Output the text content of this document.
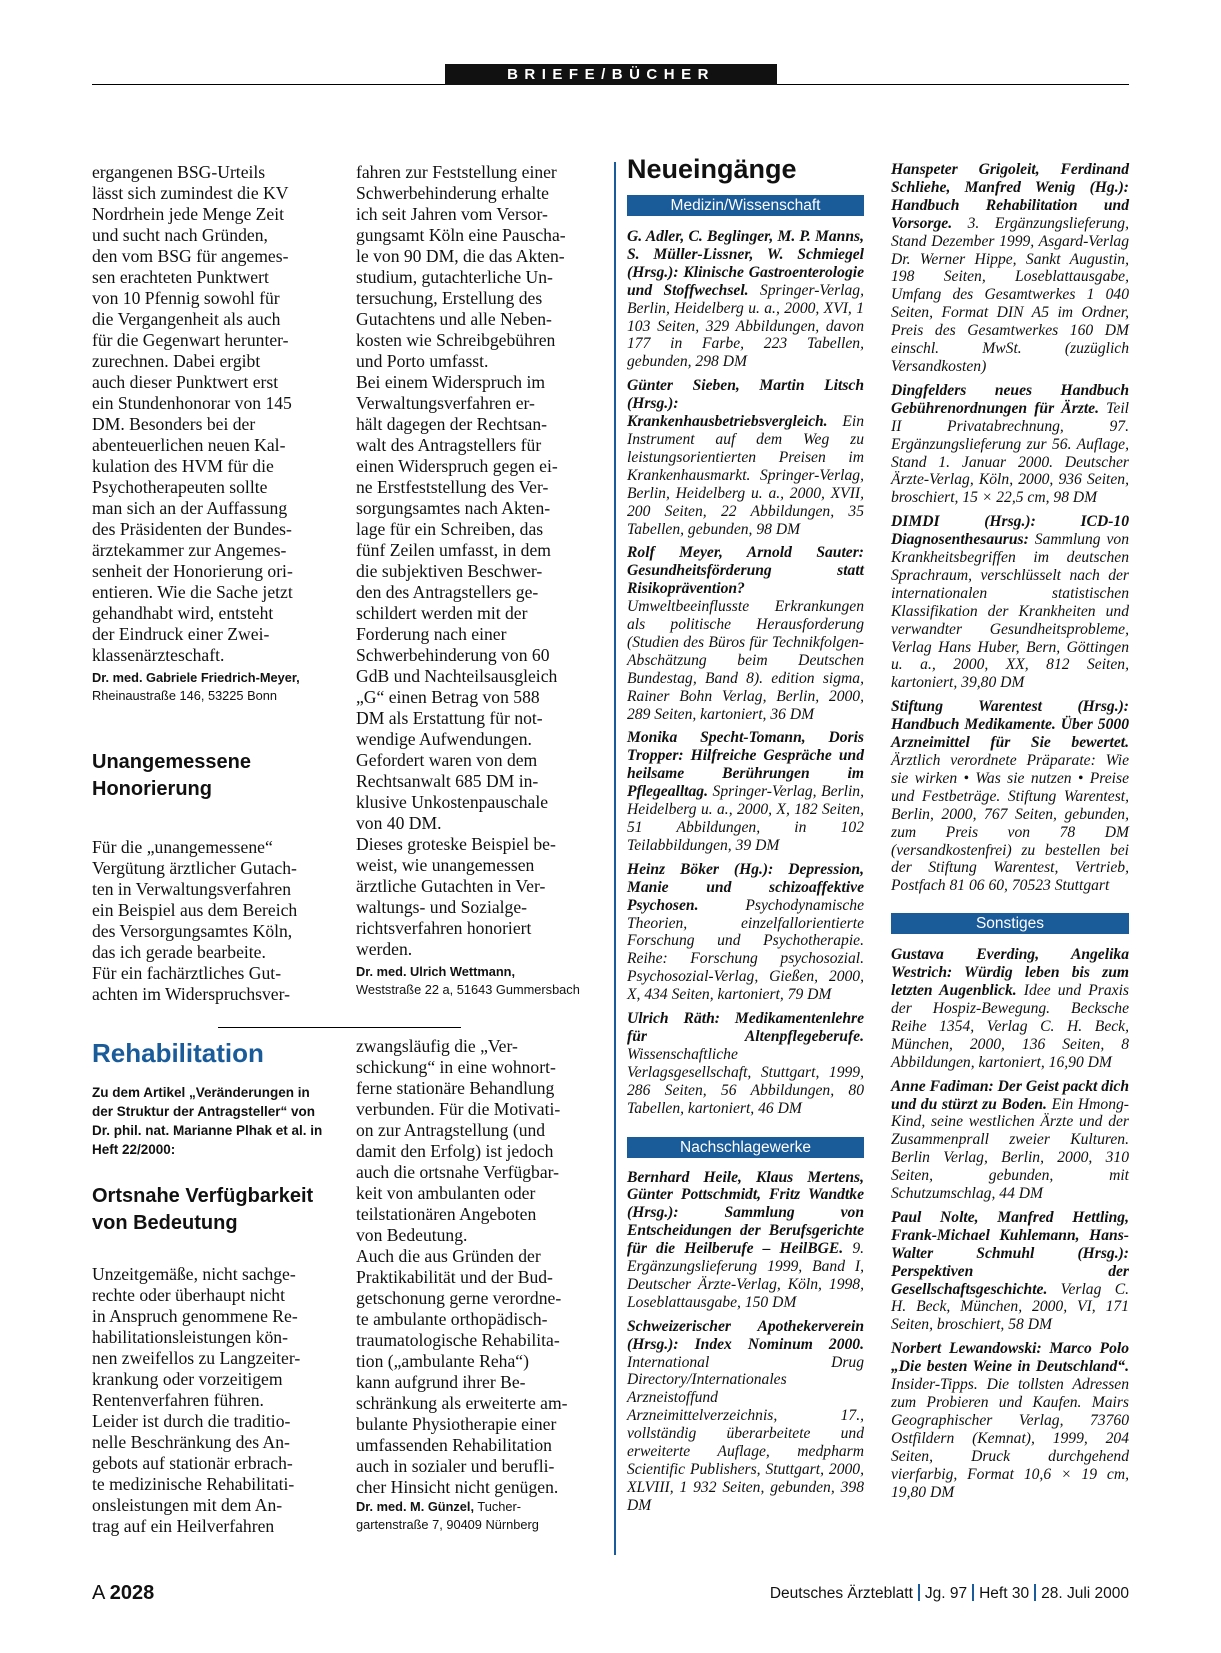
BRIEFE/BÜCHER
ergangenen BSG-Urteils
lässt sich zumindest die KV
Nordrhein jede Menge Zeit
und sucht nach Gründen,
den vom BSG für angemes-
sen erachteten Punktwert
von 10 Pfennig sowohl für
die Vergangenheit als auch
für die Gegenwart herunter-
zurechnen. Dabei ergibt
auch dieser Punktwert erst
ein Stundenhonorar von 145
DM. Besonders bei der
abenteuerlichen neuen Kal-
kulation des HVM für die
Psychotherapeuten sollte
man sich an der Auffassung
des Präsidenten der Bundes-
ärztekammer zur Angemes-
senheit der Honorierung ori-
entieren. Wie die Sache jetzt
gehandhabt wird, entsteht
der Eindruck einer Zwei-
klassenärzteschaft.
Dr. med. Gabriele Friedrich-Meyer,
Rheinaustraße 146, 53225 Bonn
Unangemessene
Honorierung
Für die „unangemessene“
Vergütung ärztlicher Gutach-
ten in Verwaltungsverfahren
ein Beispiel aus dem Bereich
des Versorgungsamtes Köln,
das ich gerade bearbeite.
Für ein fachärztliches Gut-
achten im Widerspruchsver-
fahren zur Feststellung einer
Schwerbehinderung erhalte
ich seit Jahren vom Versor-
gungsamt Köln eine Pauscha-
le von 90 DM, die das Akten-
studium, gutachterliche Un-
tersuchung, Erstellung des
Gutachtens und alle Neben-
kosten wie Schreibgebühren
und Porto umfasst.
Bei einem Widerspruch im
Verwaltungsverfahren er-
hält dagegen der Rechtsan-
walt des Antragstellers für
einen Widerspruch gegen ei-
ne Erstfeststellung des Ver-
sorgungsamtes nach Akten-
lage für ein Schreiben, das
fünf Zeilen umfasst, in dem
die subjektiven Beschwer-
den des Antragstellers ge-
schildert werden mit der
Forderung nach einer
Schwerbehinderung von 60
GdB und Nachteilsausgleich
„G“ einen Betrag von 588
DM als Erstattung für not-
wendige Aufwendungen.
Gefordert waren von dem
Rechtsanwalt 685 DM in-
klusive Unkostenpauschale
von 40 DM.
Dieses groteske Beispiel be-
weist, wie unangemessen
ärztliche Gutachten in Ver-
waltungs- und Sozialge-
richtsverfahren honoriert
werden.
Dr. med. Ulrich Wettmann,
Weststraße 22 a, 51643 Gummersbach
Rehabilitation
Zu dem Artikel „Veränderungen in
der Struktur der Antragsteller“ von
Dr. phil. nat. Marianne Plhak et al. in
Heft 22/2000:
Ortsnahe Verfügbarkeit
von Bedeutung
Unzeitgemäße, nicht sachge-
rechte oder überhaupt nicht
in Anspruch genommene Re-
habilitationsleistungen kön-
nen zweifellos zu Langzeiter-
krankung oder vorzeitigem
Rentenverfahren führen.
Leider ist durch die traditio-
nelle Beschränkung des An-
gebots auf stationär erbrach-
te medizinische Rehabilitati-
onsleistungen mit dem An-
trag auf ein Heilverfahren
zwangsläufig die „Ver-
schickung“ in eine wohnort-
ferne stationäre Behandlung
verbunden. Für die Motivati-
on zur Antragstellung (und
damit den Erfolg) ist jedoch
auch die ortsnahe Verfügbar-
keit von ambulanten oder
teilstationären Angeboten
von Bedeutung.
Auch die aus Gründen der
Praktikabilität und der Bud-
getschonung gerne verordne-
te ambulante orthopädisch-
traumatologische Rehabilita-
tion („ambulante Reha“)
kann aufgrund ihrer Be-
schränkung als erweiterte am-
bulante Physiotherapie einer
umfassenden Rehabilitation
auch in sozialer und berufli-
cher Hinsicht nicht genügen.
Dr. med. M. Günzel, Tucher-
gartenstraße 7, 90409 Nürnberg
Neueingänge
Medizin/Wissenschaft

G. Adler, C. Beglinger, M. P. Manns, S. Müller-Lissner, W. Schmiegel (Hrsg.): Klinische Gastroenterologie und Stoffwechsel. Springer-Verlag, Berlin, Heidelberg u. a., 2000, XVI, 1 103 Seiten, 329 Abbildungen, davon 177 in Farbe, 223 Tabellen, gebunden, 298 DM

Günter Sieben, Martin Litsch (Hrsg.): Krankenhausbetriebsvergleich. Ein Instrument auf dem Weg zu leistungsorientierten Preisen im Krankenhausmarkt. Springer-Verlag, Berlin, Heidelberg u. a., 2000, XVII, 200 Seiten, 22 Abbildungen, 35 Tabellen, gebunden, 98 DM

Rolf Meyer, Arnold Sauter: Gesundheitsförderung statt Risikoprävention? Umweltbeeinflusste Erkrankungen als politische Herausforderung (Studien des Büros für Technikfolgen-Abschätzung beim Deutschen Bundestag, Band 8). edition sigma, Rainer Bohn Verlag, Berlin, 2000, 289 Seiten, kartoniert, 36 DM

Monika Specht-Tomann, Doris Tropper: Hilfreiche Gespräche und heilsame Berührungen im Pflegealltag. Springer-Verlag, Berlin, Heidelberg u. a., 2000, X, 182 Seiten, 51 Abbildungen, in 102 Teilabbildungen, 39 DM

Heinz Böker (Hg.): Depression, Manie und schizoaffektive Psychosen. Psychodynamische Theorien, einzelfallorientierte Forschung und Psychotherapie. Reihe: Forschung psychosozial. Psychosozial-Verlag, Gießen, 2000, X, 434 Seiten, kartoniert, 79 DM

Ulrich Räth: Medikamentenlehre für Altenpflegeberufe. Wissenschaftliche Verlagsgesellschaft, Stuttgart, 1999, 286 Seiten, 56 Abbildungen, 80 Tabellen, kartoniert, 46 DM

Nachschlagewerke

Bernhard Heile, Klaus Mertens, Günter Pottschmidt, Fritz Wandtke (Hrsg.): Sammlung von Entscheidungen der Berufsgerichte für die Heilberufe – HeilBGE. 9. Ergänzungslieferung 1999, Band I, Deutscher Ärzte-Verlag, Köln, 1998, Loseblattausgabe, 150 DM

Schweizerischer Apothekerverein (Hrsg.): Index Nominum 2000. International Drug Directory/Internationales Arzneistoffund Arzneimittelverzeichnis, 17., vollständig überarbeitete und erweiterte Auflage, medpharm Scientific Publishers, Stuttgart, 2000, XLVIII, 1 932 Seiten, gebunden, 398 DM

Hanspeter Grigoleit, Ferdinand Schliehe, Manfred Wenig (Hg.): Handbuch Rehabilitation und Vorsorge. 3. Ergänzungslieferung, Stand Dezember 1999, Asgard-Verlag Dr. Werner Hippe, Sankt Augustin, 198 Seiten, Loseblattausgabe, Umfang des Gesamtwerkes 1 040 Seiten, Format DIN A5 im Ordner, Preis des Gesamtwerkes 160 DM einschl. MwSt. (zuzüglich Versandkosten)

Dingfelders neues Handbuch Gebührenordnungen für Ärzte. Teil II Privatabrechnung, 97. Ergänzungslieferung zur 56. Auflage, Stand 1. Januar 2000. Deutscher Ärzte-Verlag, Köln, 2000, 936 Seiten, broschiert, 15 × 22,5 cm, 98 DM

DIMDI (Hrsg.): ICD-10 Diagnosenthesaurus: Sammlung von Krankheitsbegriffen im deutschen Sprachraum, verschlüsselt nach der internationalen statistischen Klassifikation der Krankheiten und verwandter Gesundheitsprobleme, Verlag Hans Huber, Bern, Göttingen u. a., 2000, XX, 812 Seiten, kartoniert, 39,80 DM

Stiftung Warentest (Hrsg.): Handbuch Medikamente. Über 5000 Arzneimittel für Sie bewertet. Ärztlich verordnete Präparate: Wie sie wirken • Was sie nutzen • Preise und Festbeträge. Stiftung Warentest, Berlin, 2000, 767 Seiten, gebunden, zum Preis von 78 DM (versandkostenfrei) zu bestellen bei der Stiftung Warentest, Vertrieb, Postfach 81 06 60, 70523 Stuttgart

Sonstiges

Gustava Everding, Angelika Westrich: Würdig leben bis zum letzten Augenblick. Idee und Praxis der Hospiz-Bewegung. Becksche Reihe 1354, Verlag C. H. Beck, München, 2000, 136 Seiten, 8 Abbildungen, kartoniert, 16,90 DM

Anne Fadiman: Der Geist packt dich und du stürzt zu Boden. Ein Hmong-Kind, seine westlichen Ärzte und der Zusammenprall zweier Kulturen. Berlin Verlag, Berlin, 2000, 310 Seiten, gebunden, mit Schutzumschlag, 44 DM

Paul Nolte, Manfred Hettling, Frank-Michael Kuhlemann, Hans-Walter Schmuhl (Hrsg.): Perspektiven der Gesellschaftsgeschichte. Verlag C. H. Beck, München, 2000, VI, 171 Seiten, broschiert, 58 DM

Norbert Lewandowski: Marco Polo „Die besten Weine in Deutschland“. Insider-Tipps. Die tollsten Adressen zum Probieren und Kaufen. Mairs Geographischer Verlag, 73760 Ostfildern (Kemnat), 1999, 204 Seiten, Druck durchgehend vierfarbig, Format 10,6 × 19 cm, 19,80 DM

A 2028	Deutsches Ärzteblatt Jg. 97 Heft 30 28. Juli 2000
